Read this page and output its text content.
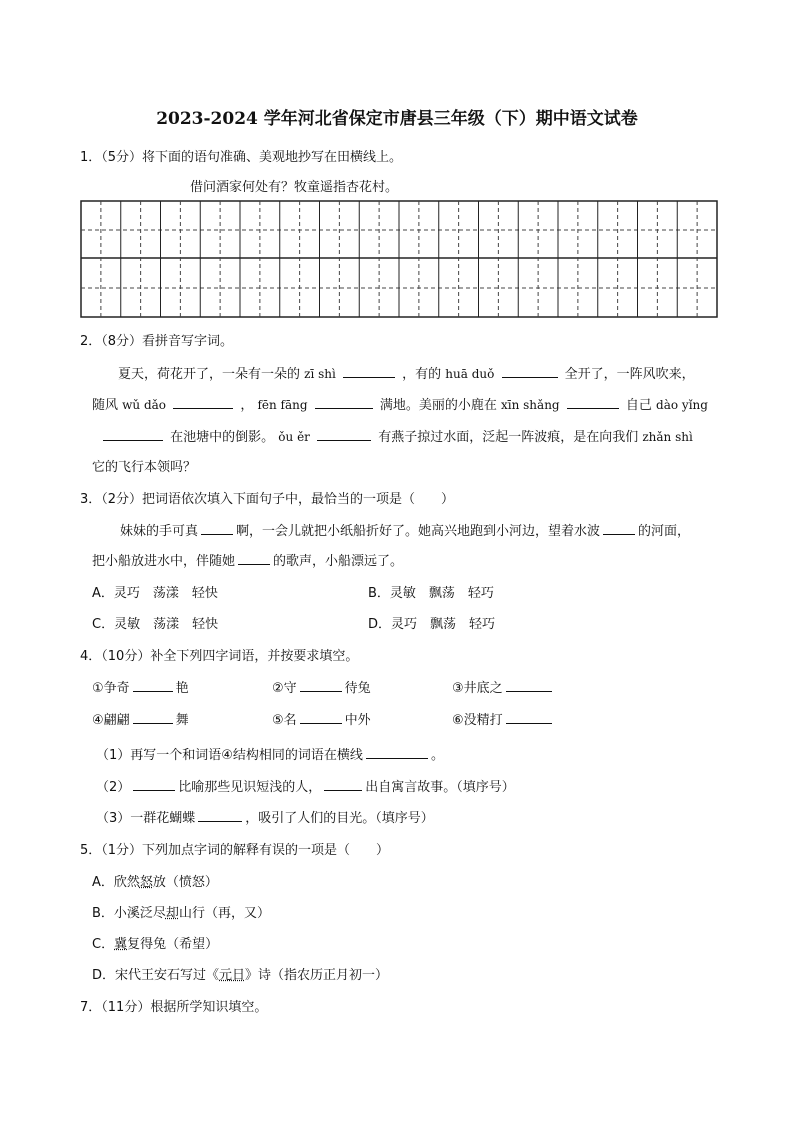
2023-2024 学年河北省保定市唐县三年级（下）期中语文试卷
1．（5分）将下面的语句准确、美观地抄写在田横线上。
借问酒家何处有？牧童遥指杏花村。
2．（8分）看拼音写字词。
夏天，荷花开了，一朵有一朵的 zī shì	，有的 huā duǒ	全开了，一阵风吹来，
随风 wǔ dǎo	， fēn fāng	满地。美丽的小鹿在 xīn shǎng	自己 dào yǐng
在池塘中的倒影。 ǒu ěr	有燕子掠过水面，泛起一阵波痕，是在向我们 zhǎn shì
它的飞行本领吗？
3．（2分）把词语依次填入下面句子中，最恰当的一项是（　　）
妹妹的手可真	啊，一会儿就把小纸船折好了。她高兴地跑到小河边，望着水波	的河面，
把小船放进水中，伴随她	的歌声，小船漂远了。
A．灵巧　荡漾　轻快	B．灵敏　飘荡　轻巧
C．灵敏　荡漾　轻快	D．灵巧　飘荡　轻巧
4．（10分）补全下列四字词语，并按要求填空。
①争奇	艳	②守	待兔	③井底之
④翩翩	舞	⑤名	中外	⑥没精打
（1）再写一个和词语④结构相同的词语在横线	。
（2）	比喻那些见识短浅的人，	出自寓言故事。（填序号）
（3）一群花蝴蝶	，吸引了人们的目光。（填序号）
5．（1分）下列加点字词的解释有误的一项是（　　）
A．欣然怒放（愤怒）
B．小溪泛尽却山行（再，又）
C．冀复得兔（希望）
D．宋代王安石写过《元日》诗（指农历正月初一）
7．（11分）根据所学知识填空。
